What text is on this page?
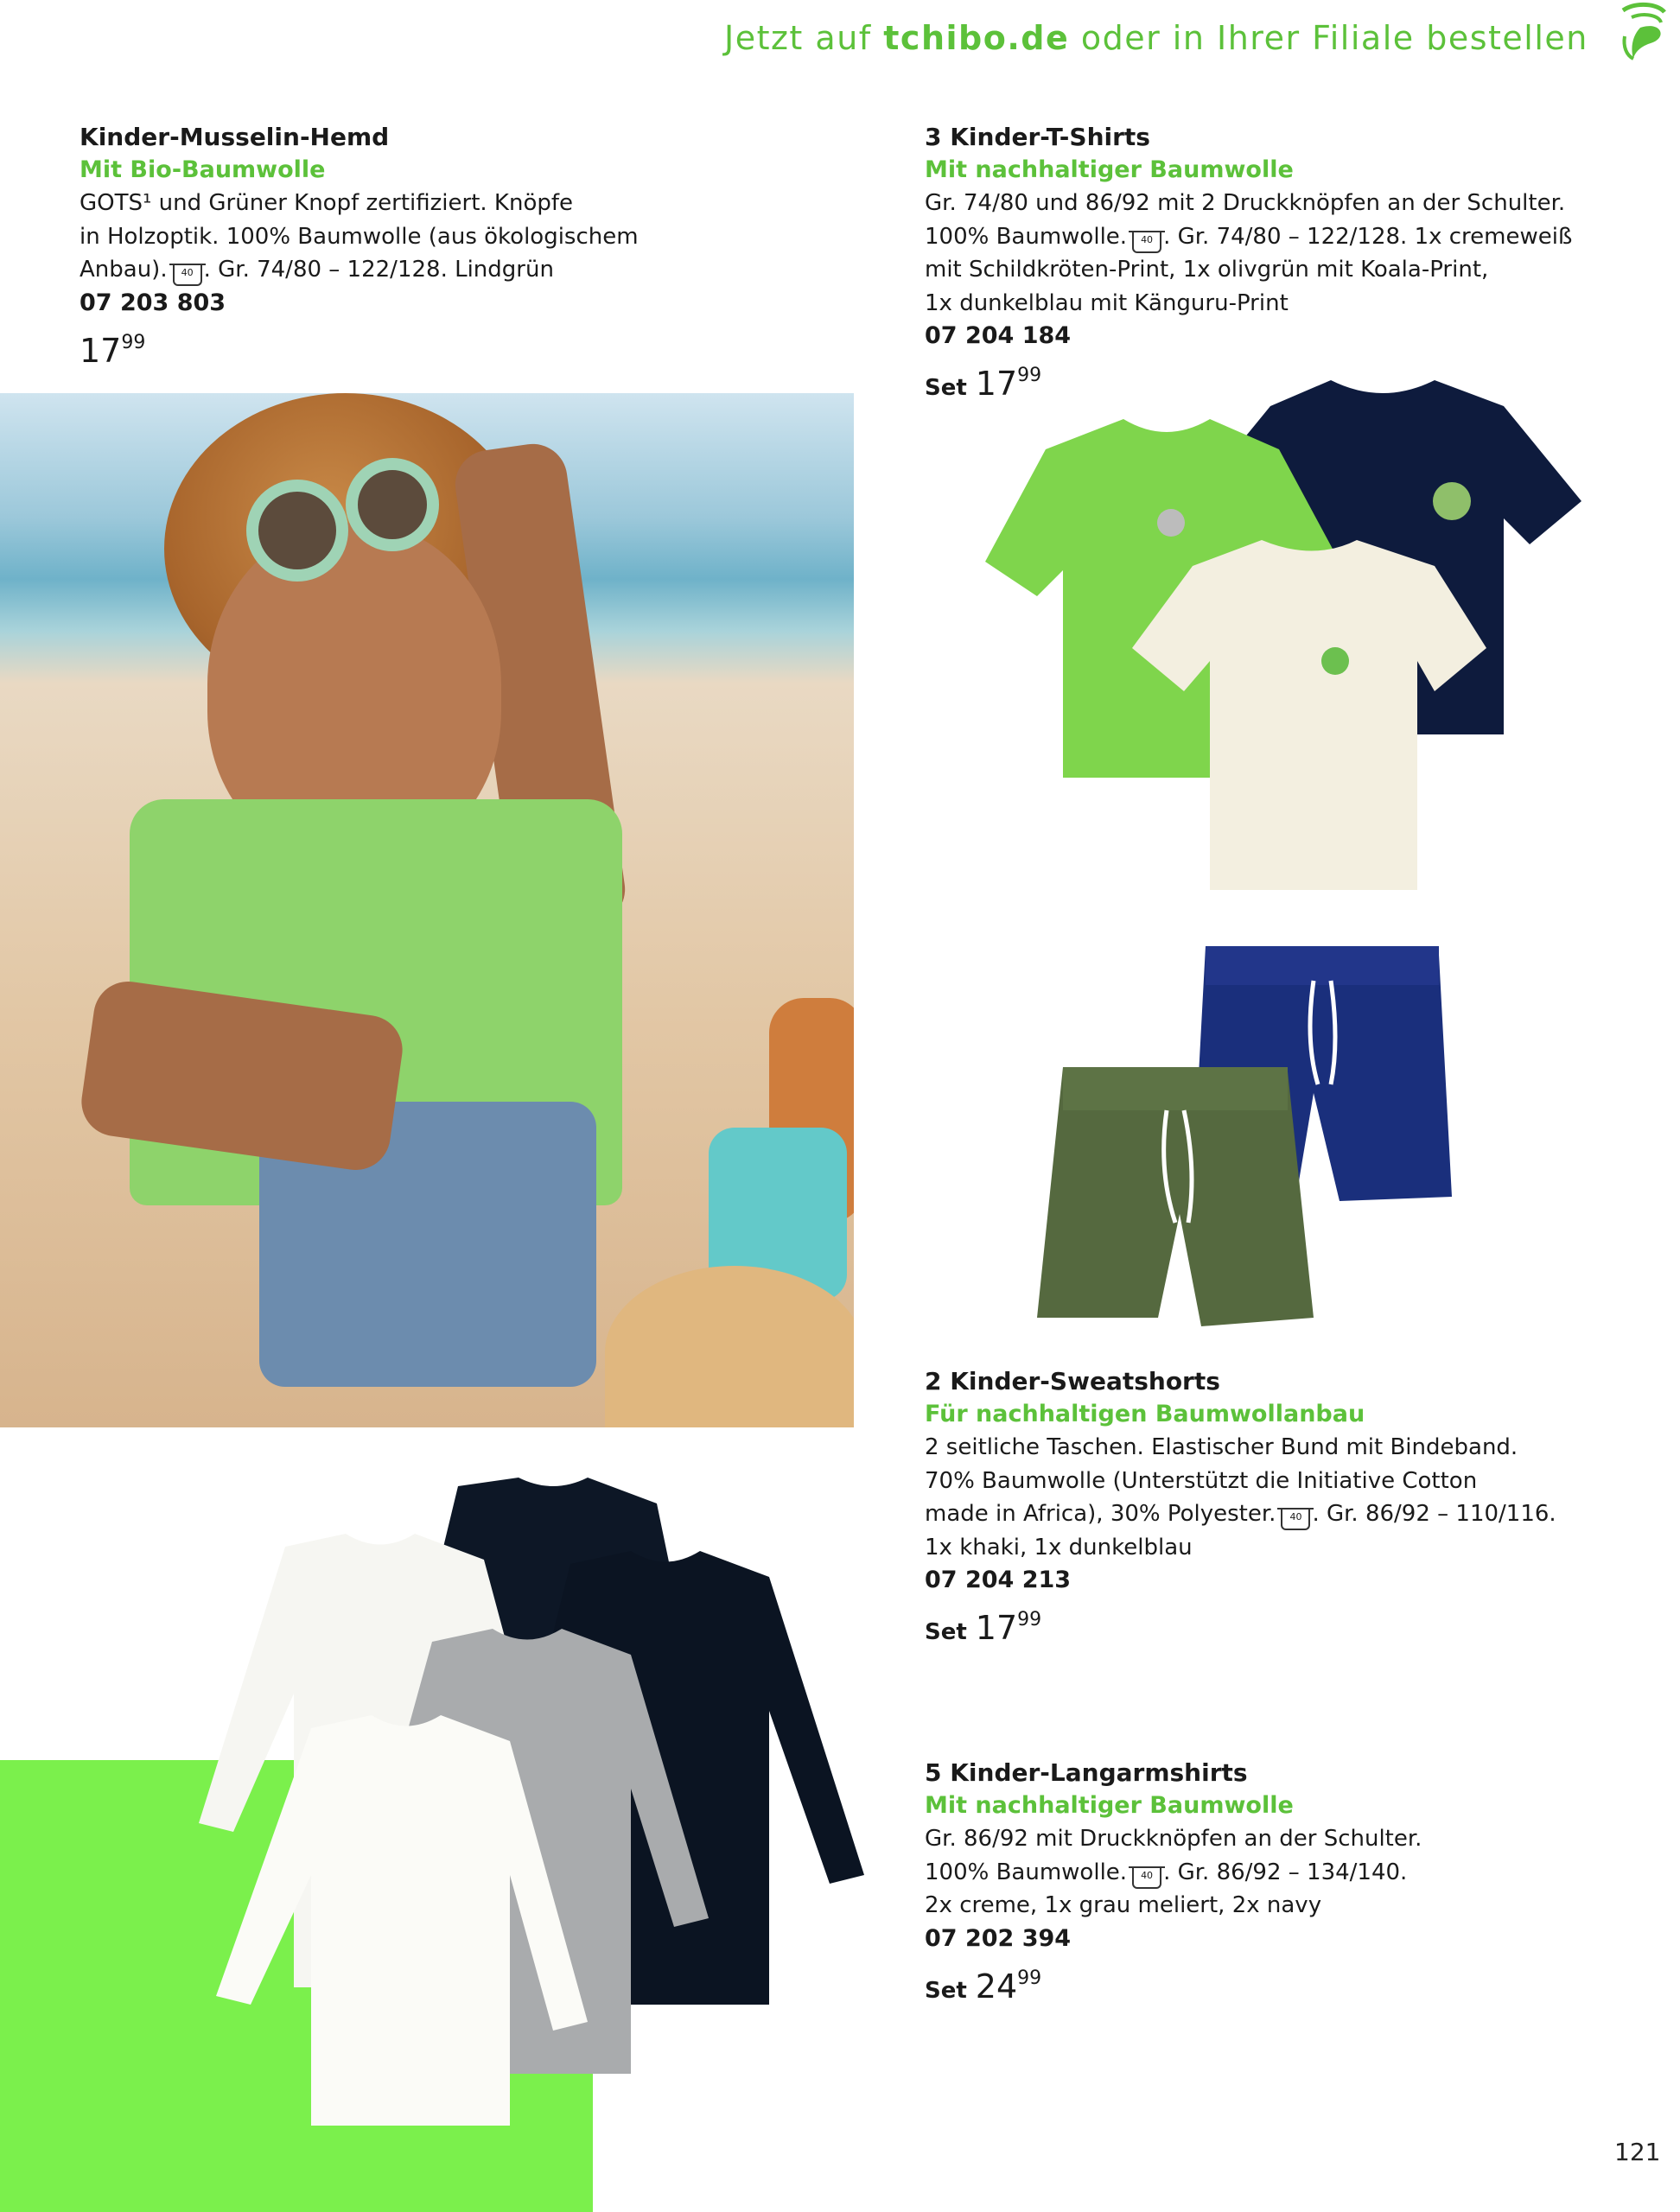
Jetzt auf tchibo.de oder in Ihrer Filiale bestellen
Kinder-Musselin-Hemd
Mit Bio-Baumwolle
GOTS¹ und Grüner Knopf zertifiziert. Knöpfe
in Holzoptik. 100% Baumwolle (aus ökologischem
Anbau). 40 . Gr. 74/80 – 122/128. Lindgrün
07 203 803
$17^{99}$
3 Kinder-T-Shirts
Mit nachhaltiger Baumwolle
Gr. 74/80 und 86/92 mit 2 Druckknöpfen an der Schulter.
100% Baumwolle. 40 . Gr. 74/80 – 122/128. 1x cremeweiß
mit Schildkröten-Print, 1x olivgrün mit Koala-Print,
1x dunkelblau mit Känguru-Print
07 204 184
Set $17^{99}$
2 Kinder-Sweatshorts
Für nachhaltigen Baumwollanbau
2 seitliche Taschen. Elastischer Bund mit Bindeband.
70% Baumwolle (Unterstützt die Initiative Cotton
made in Africa), 30% Polyester. 40 . Gr. 86/92 – 110/116.
1x khaki, 1x dunkelblau
07 204 213
Set $17^{99}$
5 Kinder-Langarmshirts
Mit nachhaltiger Baumwolle
Gr. 86/92 mit Druckknöpfen an der Schulter.
100% Baumwolle. 40 . Gr. 86/92 – 134/140.
2x creme, 1x grau meliert, 2x navy
07 202 394
Set $24^{99}$
121
